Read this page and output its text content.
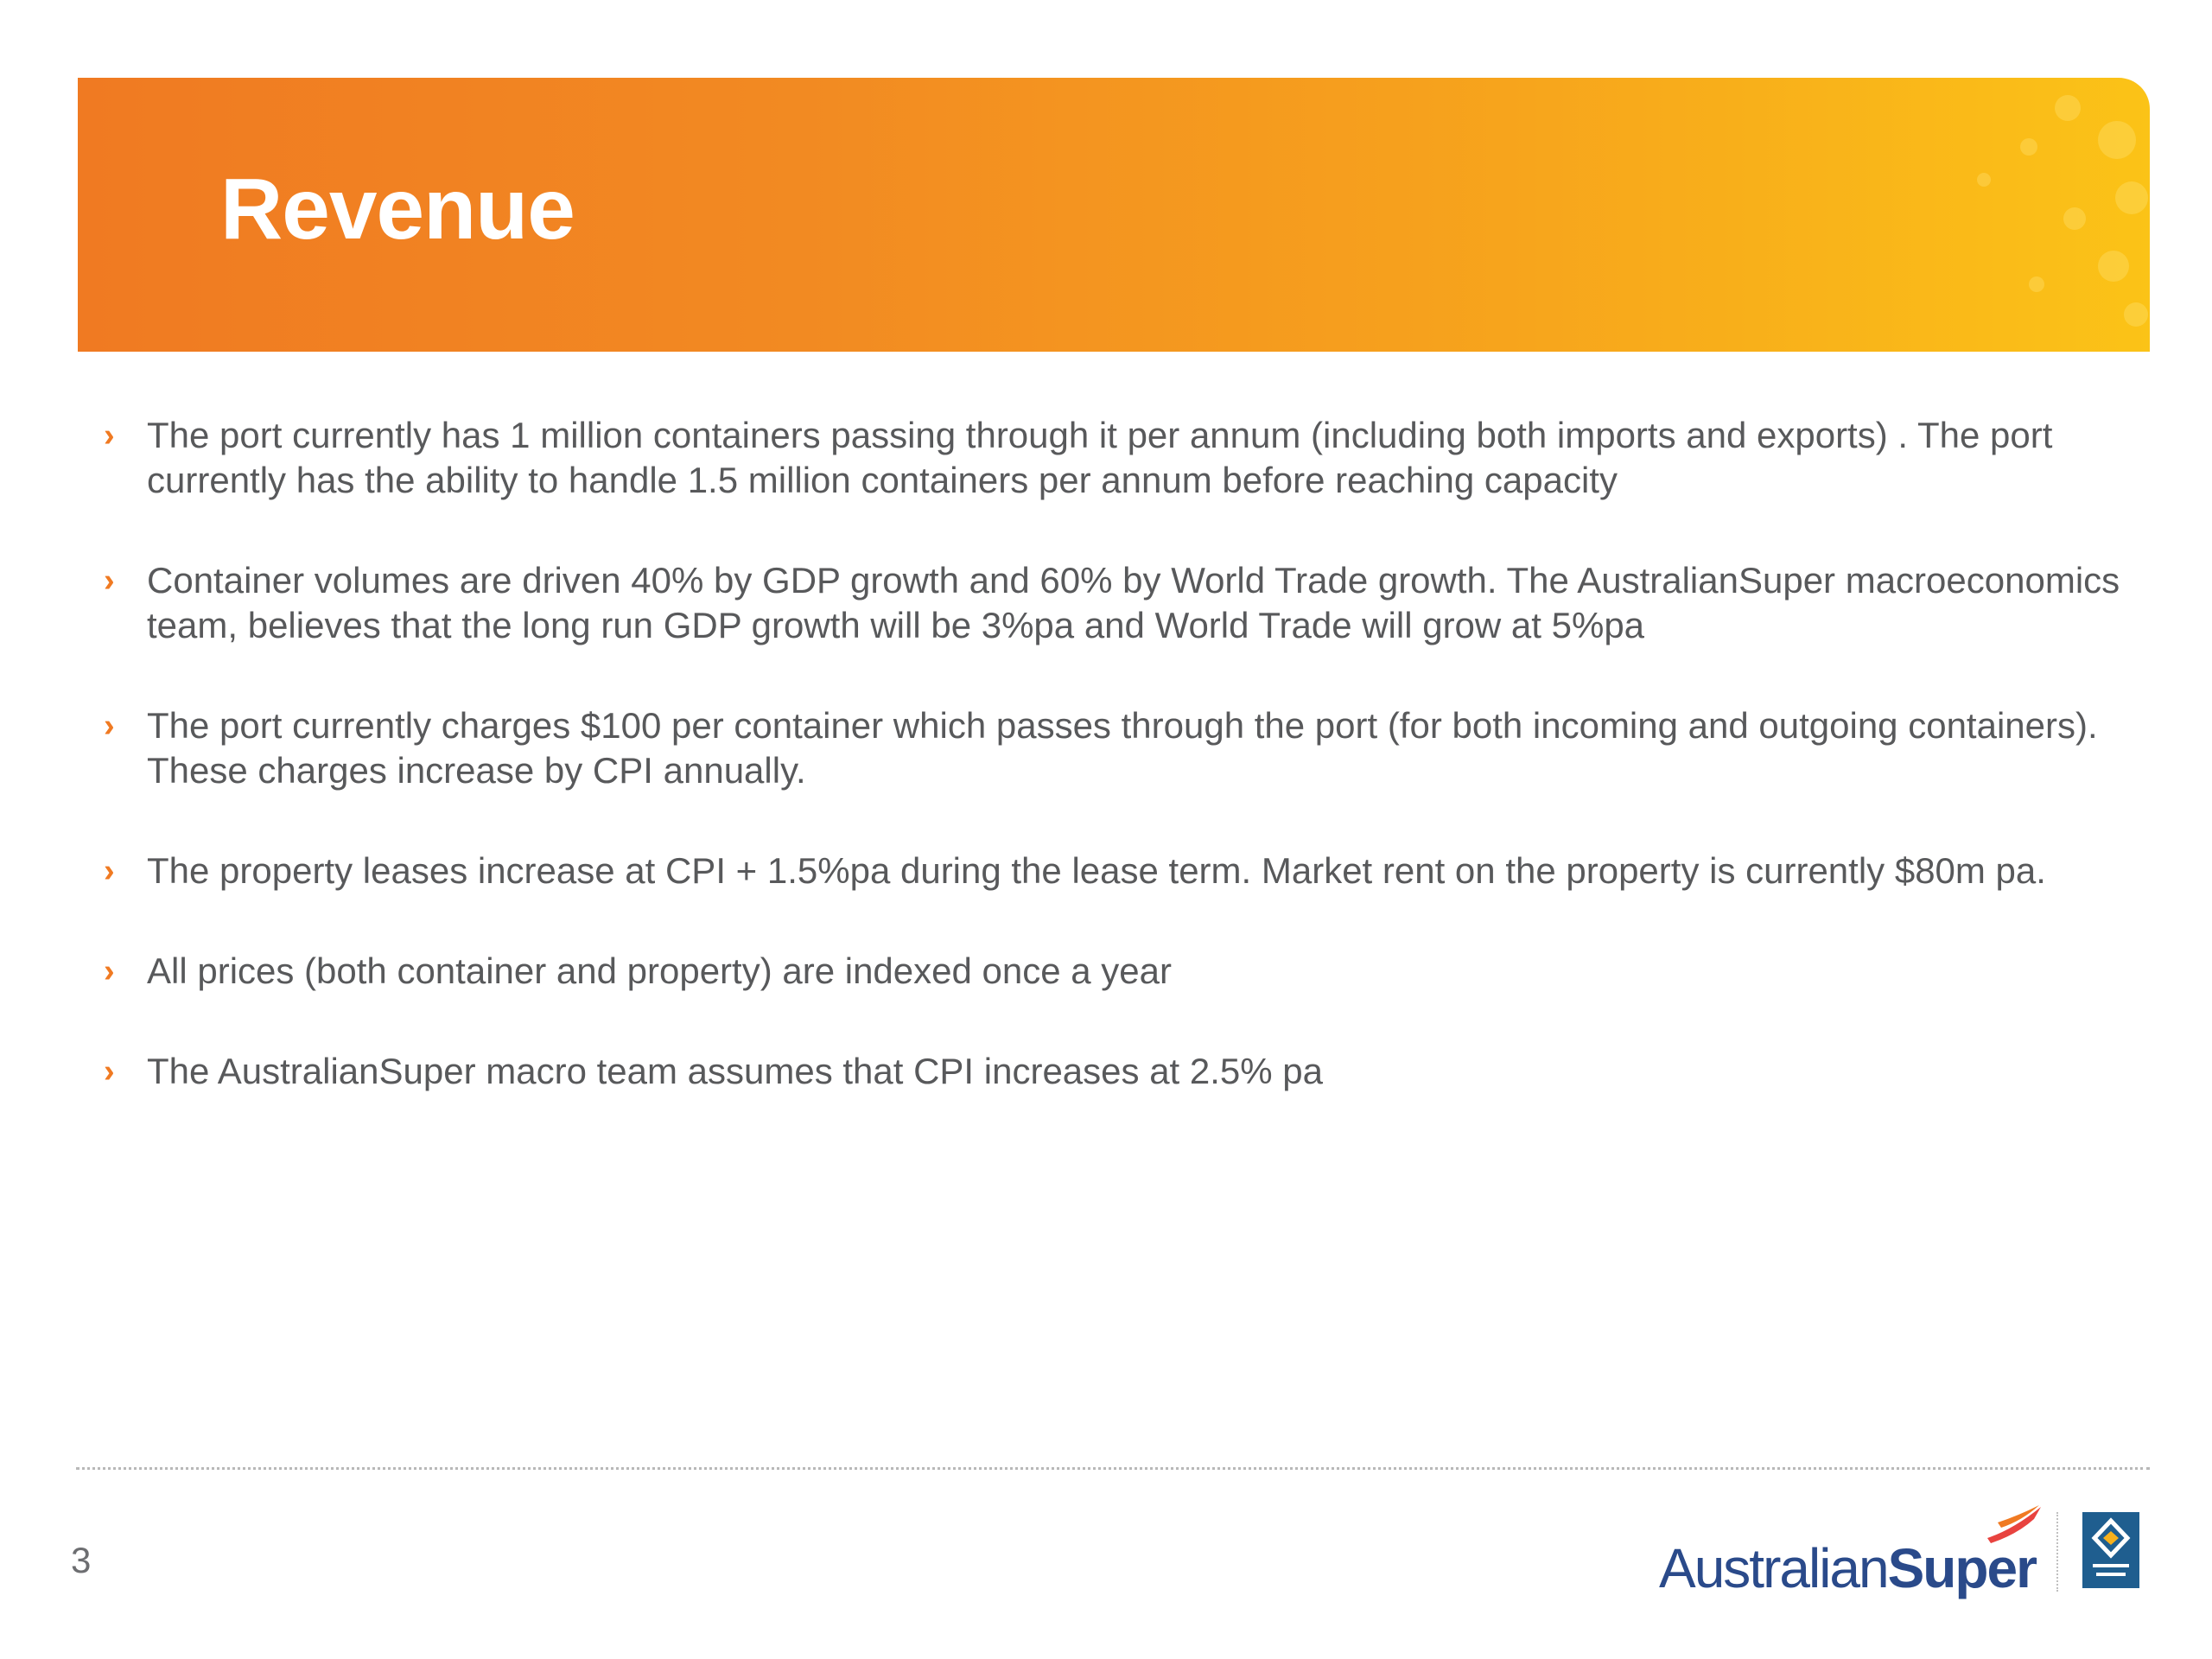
Revenue
› The port currently has 1 million containers passing through it per annum (including both imports and exports) . The port currently has the ability to handle 1.5 million containers per annum before reaching capacity
› Container volumes are driven 40% by GDP growth and 60% by World Trade growth. The AustralianSuper macroeconomics team, believes that the long run GDP growth will be 3%pa and World Trade will grow at 5%pa
› The port currently charges $100 per container which passes through the port (for both incoming and outgoing containers). These charges increase by CPI annually.
› The property leases increase at CPI + 1.5%pa during the lease term. Market rent on the property is currently $80m pa.
› All prices (both container and property) are indexed once a year
› The AustralianSuper macro team assumes that CPI increases at 2.5% pa
3	AustralianSuper
